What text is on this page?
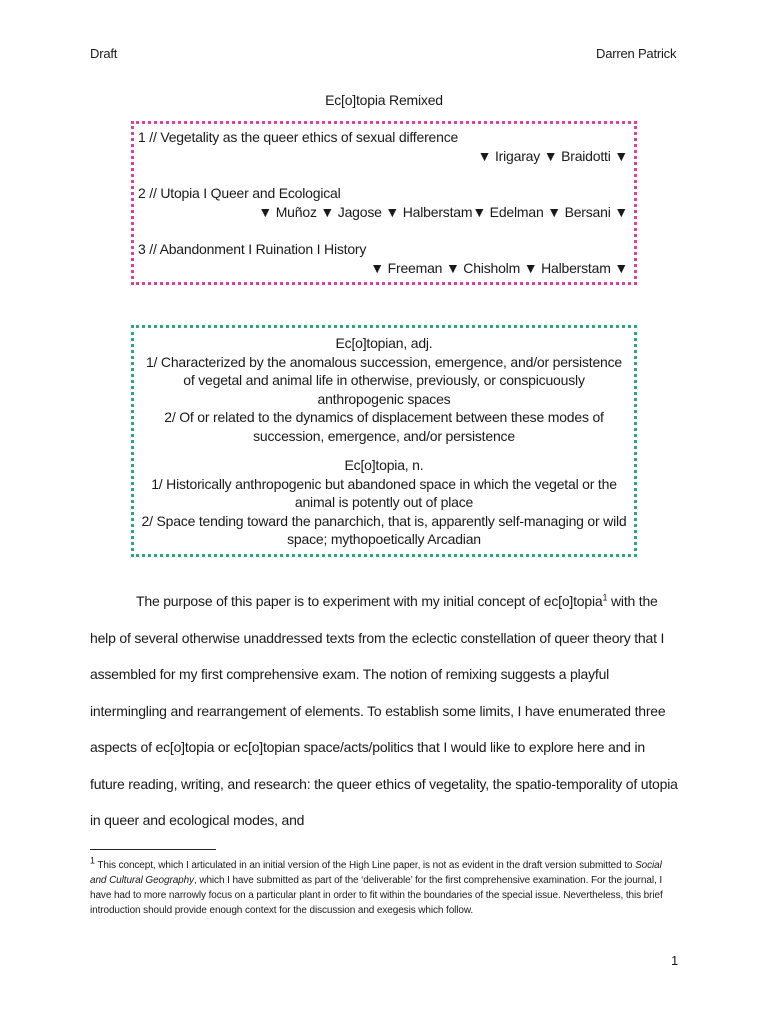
Draft	Darren Patrick
Ec[o]topia Remixed
1 // Vegetality as the queer ethics of sexual difference
▼ Irigaray ▼ Braidotti ▼
2 // Utopia I Queer and Ecological
▼ Muñoz ▼ Jagose ▼ Halberstam▼ Edelman ▼ Bersani ▼
3 // Abandonment I Ruination I History
▼ Freeman ▼ Chisholm ▼ Halberstam ▼
Ec[o]topian, adj.
1/ Characterized by the anomalous succession, emergence, and/or persistence of vegetal and animal life in otherwise, previously, or conspicuously anthropogenic spaces
2/ Of or related to the dynamics of displacement between these modes of succession, emergence, and/or persistence
Ec[o]topia, n.
1/ Historically anthropogenic but abandoned space in which the vegetal or the animal is potently out of place
2/ Space tending toward the panarchich, that is, apparently self-managing or wild space; mythopoetically Arcadian

The purpose of this paper is to experiment with my initial concept of ec[o]topia$^1$ with the help of several otherwise unaddressed texts from the eclectic constellation of queer theory that I assembled for my first comprehensive exam. The notion of remixing suggests a playful intermingling and rearrangement of elements. To establish some limits, I have enumerated three aspects of ec[o]topia or ec[o]topian space/acts/politics that I would like to explore here and in future reading, writing, and research: the queer ethics of vegetality, the spatio-temporality of utopia in queer and ecological modes, and

1 This concept, which I articulated in an initial version of the High Line paper, is not as evident in the draft version submitted to Social and Cultural Geography, which I have submitted as part of the ‘deliverable’ for the first comprehensive examination. For the journal, I have had to more narrowly focus on a particular plant in order to fit within the boundaries of the special issue. Nevertheless, this brief introduction should provide enough context for the discussion and exegesis which follow.
1
